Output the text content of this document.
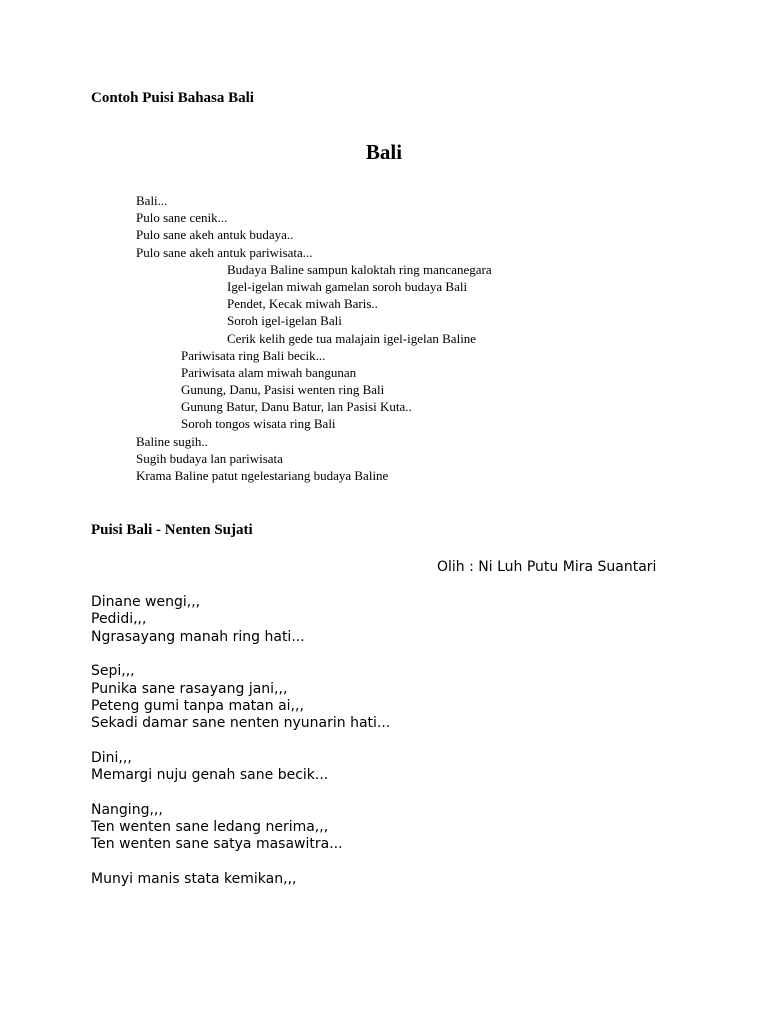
Contoh Puisi Bahasa Bali
Bali
Bali...
Pulo sane cenik...
Pulo sane akeh antuk budaya..
Pulo sane akeh antuk pariwisata...
Budaya Baline sampun kaloktah ring mancanegara
Igel-igelan miwah gamelan soroh budaya Bali
Pendet, Kecak miwah Baris..
Soroh igel-igelan Bali
Cerik kelih gede tua malajain igel-igelan Baline
Pariwisata ring Bali becik...
Pariwisata alam miwah bangunan
Gunung, Danu, Pasisi wenten ring Bali
Gunung Batur, Danu Batur, lan Pasisi Kuta..
Soroh tongos wisata ring Bali
Baline sugih..
Sugih budaya lan pariwisata
Krama Baline patut ngelestariang budaya Baline
Puisi Bali - Nenten Sujati
Olih : Ni Luh Putu Mira Suantari
Dinane wengi,,,
Pedidi,,,
Ngrasayang manah ring hati...
Sepi,,,
Punika sane rasayang jani,,,
Peteng gumi tanpa matan ai,,,
Sekadi damar sane nenten nyunarin hati...
Dini,,,
Memargi nuju genah sane becik...
Nanging,,,
Ten wenten sane ledang nerima,,,
Ten wenten sane satya masawitra...
Munyi manis stata kemikan,,,
